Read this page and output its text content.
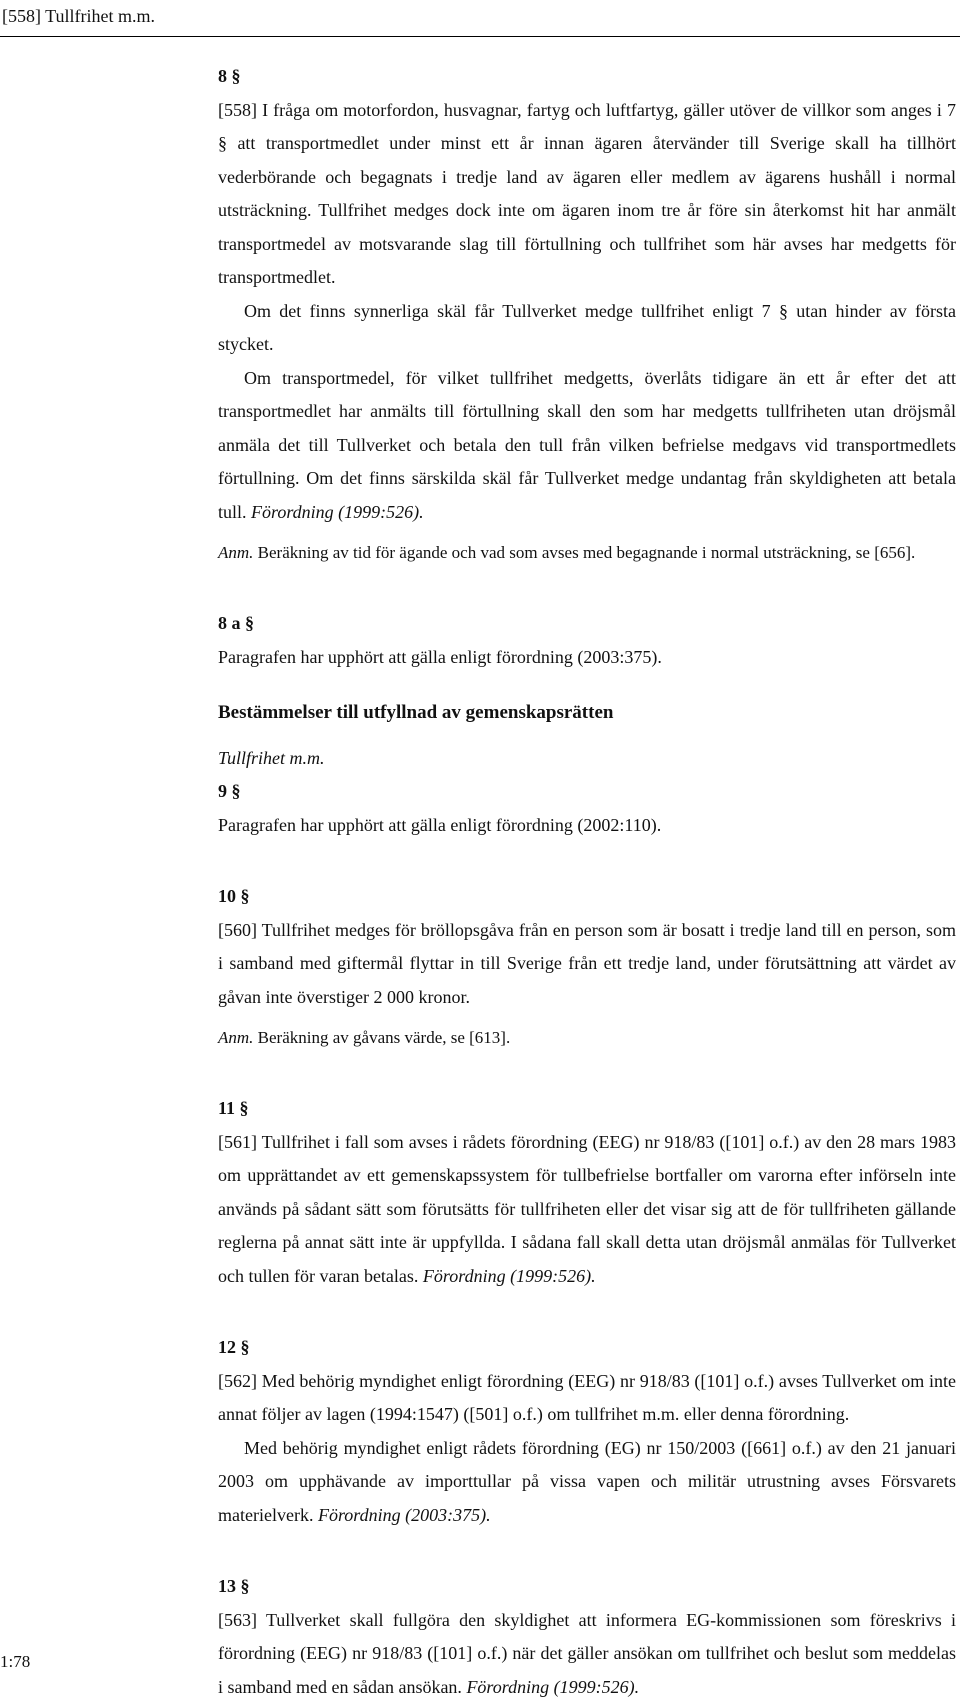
[558] Tullfrihet m.m.

8 §

[558] I fråga om motorfordon, husvagnar, fartyg och luftfartyg, gäller utöver de villkor som anges i 7 § att transportmedlet under minst ett år innan ägaren återvänder till Sverige skall ha tillhört vederbörande och begagnats i tredje land av ägaren eller medlem av ägarens hushåll i normal utsträckning. Tullfrihet medges dock inte om ägaren inom tre år före sin återkomst hit har anmält transportmedel av motsvarande slag till förtullning och tullfrihet som här avses har medgetts för transportmedlet.

Om det finns synnerliga skäl får Tullverket medge tullfrihet enligt 7 § utan hinder av första stycket.

Om transportmedel, för vilket tullfrihet medgetts, överlåts tidigare än ett år efter det att transportmedlet har anmälts till förtullning skall den som har medgetts tullfriheten utan dröjsmål anmäla det till Tullverket och betala den tull från vilken befrielse medgavs vid transportmedlets förtullning. Om det finns särskilda skäl får Tullverket medge undantag från skyldigheten att betala tull. Förordning (1999:526).

Anm. Beräkning av tid för ägande och vad som avses med begagnande i normal utsträckning, se [656].

8 a §

Paragrafen har upphört att gälla enligt förordning (2003:375).

Bestämmelser till utfyllnad av gemenskapsrätten

Tullfrihet m.m.

9 §

Paragrafen har upphört att gälla enligt förordning (2002:110).

10 §

[560] Tullfrihet medges för bröllopsgåva från en person som är bosatt i tredje land till en person, som i samband med giftermål flyttar in till Sverige från ett tredje land, under förutsättning att värdet av gåvan inte överstiger 2 000 kronor.

Anm. Beräkning av gåvans värde, se [613].

11 §

[561] Tullfrihet i fall som avses i rådets förordning (EEG) nr 918/83 ([101] o.f.) av den 28 mars 1983 om upprättandet av ett gemenskapssystem för tullbefrielse bortfaller om varorna efter införseln inte används på sådant sätt som förutsätts för tullfriheten eller det visar sig att de för tullfriheten gällande reglerna på annat sätt inte är uppfyllda. I sådana fall skall detta utan dröjsmål anmälas för Tullverket och tullen för varan betalas. Förordning (1999:526).

12 §

[562] Med behörig myndighet enligt förordning (EEG) nr 918/83 ([101] o.f.) avses Tullverket om inte annat följer av lagen (1994:1547) ([501] o.f.) om tullfrihet m.m. eller denna förordning.

Med behörig myndighet enligt rådets förordning (EG) nr 150/2003 ([661] o.f.) av den 21 januari 2003 om upphävande av importtullar på vissa vapen och militär utrustning avses Försvarets materielverk. Förordning (2003:375).

13 §

[563] Tullverket skall fullgöra den skyldighet att informera EG-kommissionen som föreskrivs i förordning (EEG) nr 918/83 ([101] o.f.) när det gäller ansökan om tullfrihet och beslut som meddelas i samband med en sådan ansökan. Förordning (1999:526).

1:78
